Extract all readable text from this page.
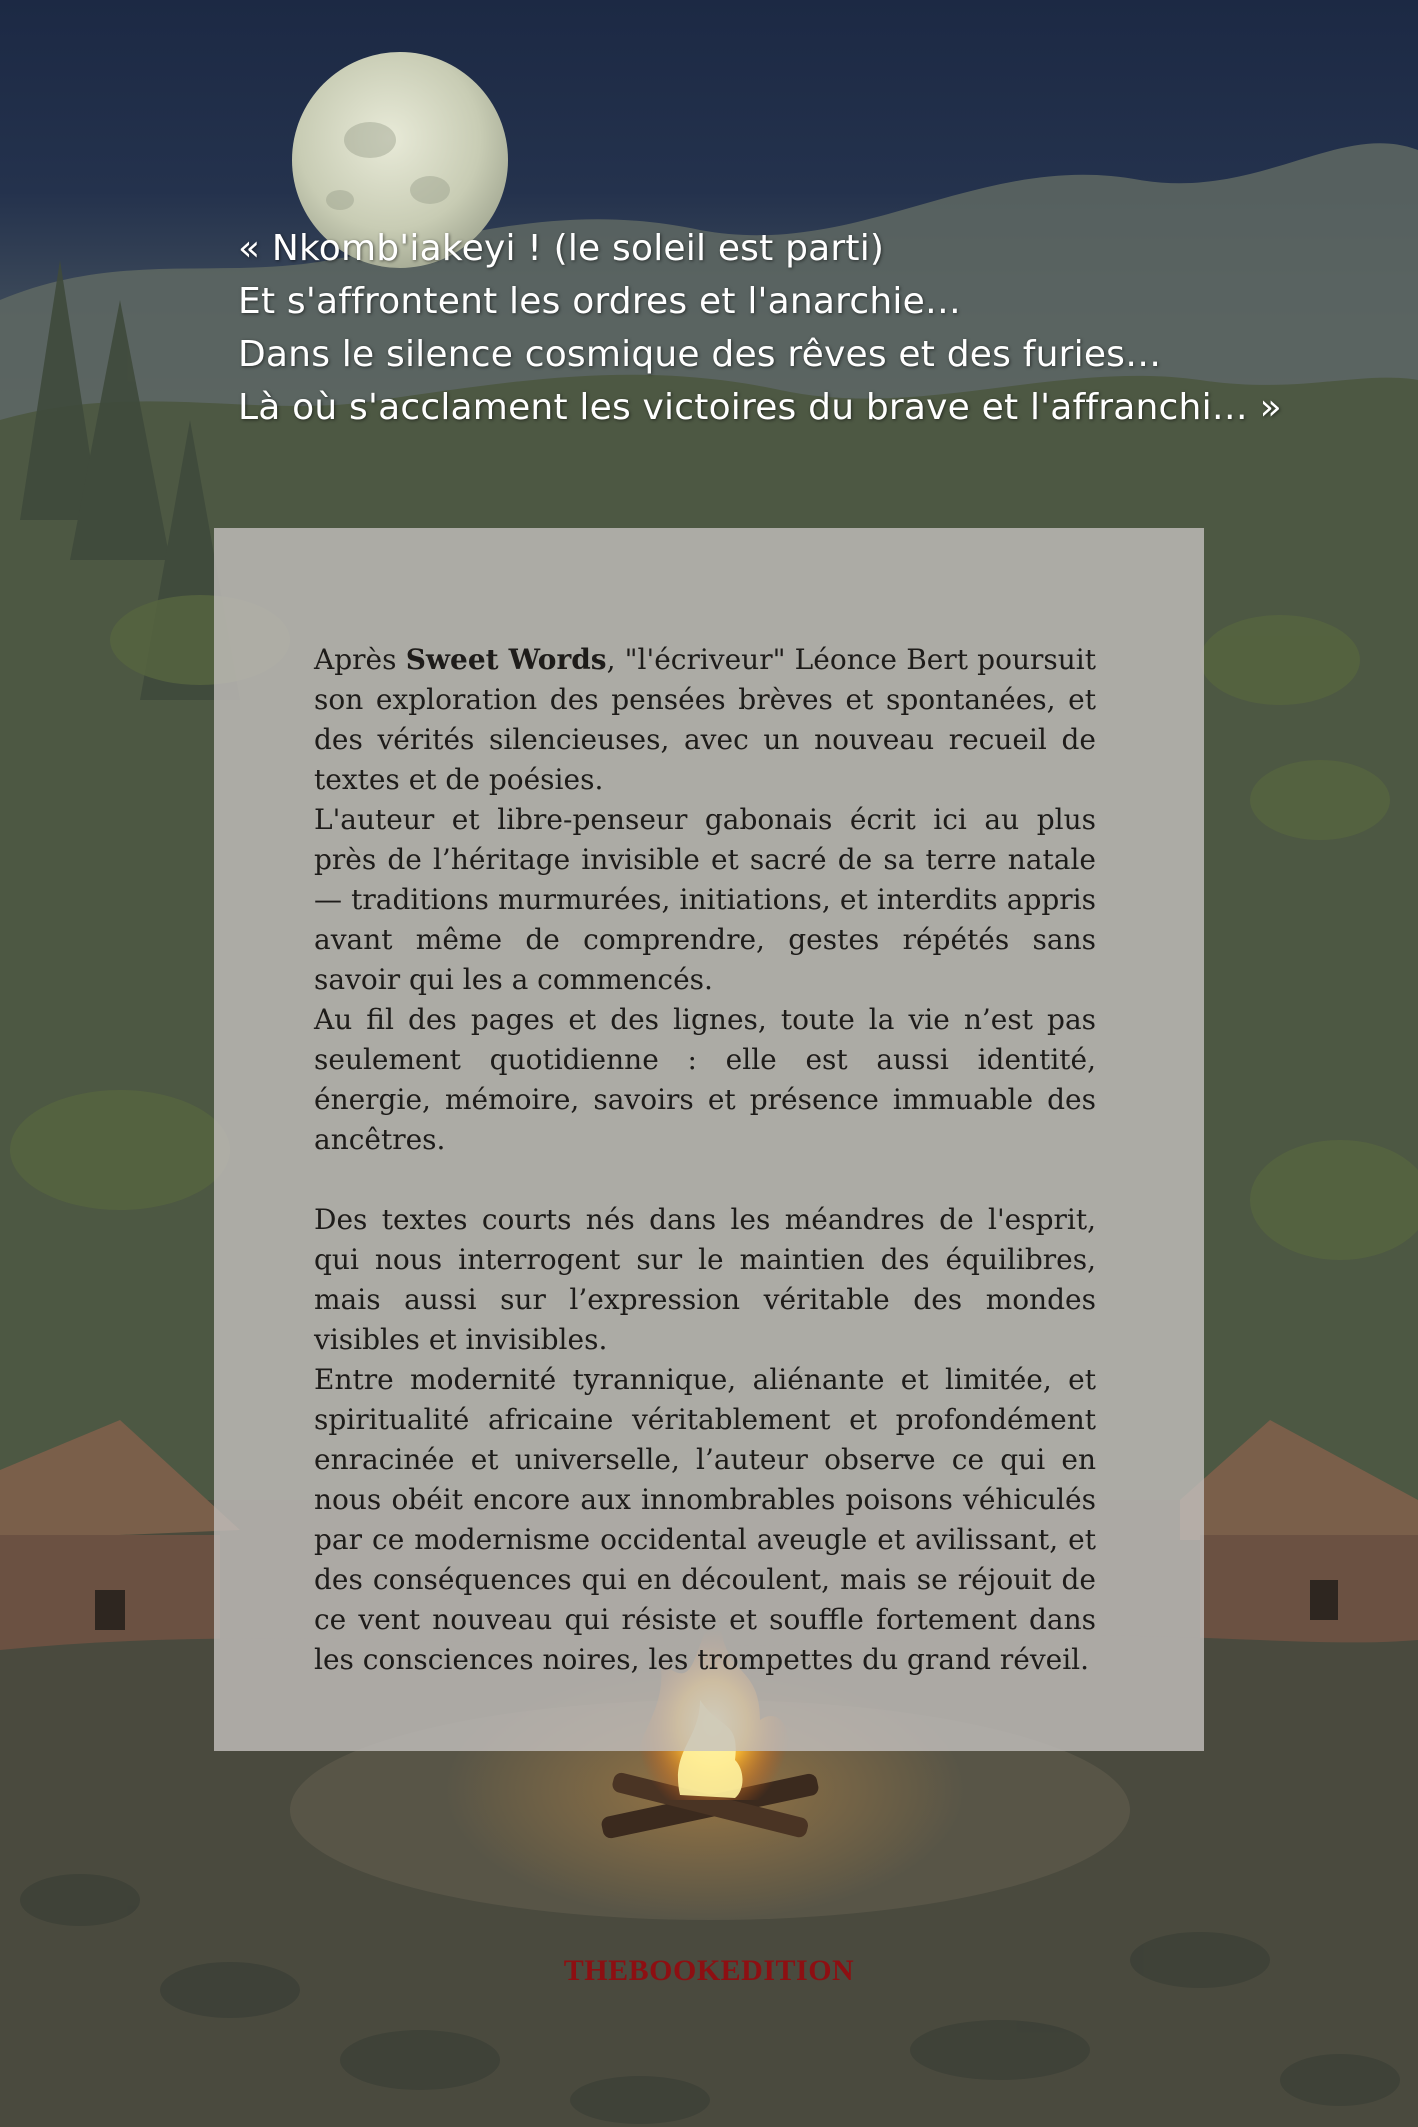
« Nkomb'iakeyi ! (le soleil est parti)
Et s'affrontent les ordres et l'anarchie…
Dans le silence cosmique des rêves et des furies…
Là où s'acclament les victoires du brave et l'affranchi… »

Après Sweet Words, "l'écriveur" Léonce Bert poursuit son exploration des pensées brèves et spontanées, et des vérités silencieuses, avec un nouveau recueil de textes et de poésies.

L'auteur et libre-penseur gabonais écrit ici au plus près de l’héritage invisible et sacré de sa terre natale — traditions murmurées, initiations, et interdits appris avant même de comprendre, gestes répétés sans savoir qui les a commencés.

Au fil des pages et des lignes, toute la vie n’est pas seulement quotidienne : elle est aussi identité, énergie, mémoire, savoirs et présence immuable des ancêtres.

Des textes courts nés dans les méandres de l'esprit, qui nous interrogent sur le maintien des équilibres, mais aussi sur l’expression véritable des mondes visibles et invisibles.

Entre modernité tyrannique, aliénante et limitée, et spiritualité africaine véritablement et profondément enracinée et universelle, l’auteur observe ce qui en nous obéit encore aux innombrables poisons véhiculés par ce modernisme occidental aveugle et avilissant, et des conséquences qui en découlent, mais se réjouit de ce vent nouveau qui résiste et souffle fortement dans les consciences noires, les trompettes du grand réveil.

THEBOOKEDITION
